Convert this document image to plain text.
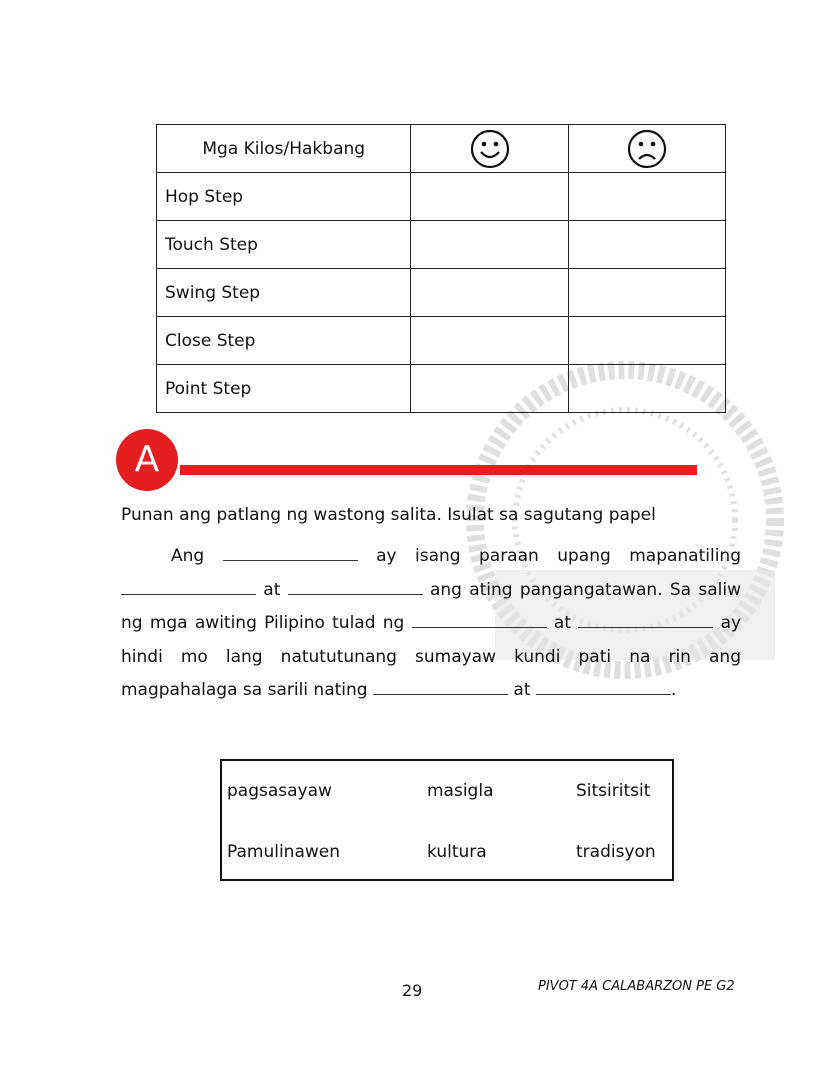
Mga Kilos/Hakbang	

Hop Step		
Touch Step		
Swing Step		
Close Step		
Point Step		
A
Punan ang patlang ng wastong salita. Isulat sa sagutang papel
Ang	ay isang paraan upang mapanatiling  at	ang ating pangangatawan. Sa saliw ng mga awiting Pilipino tulad ng	at	ay hindi mo lang natututunang sumayaw kundi pati na rin ang magpahalaga sa sarili nating	at	.
pagsasayaw	masigla	Sitsiritsit
Pamulinawen	kultura	tradisyon
29	PIVOT 4A CALABARZON PE G2
